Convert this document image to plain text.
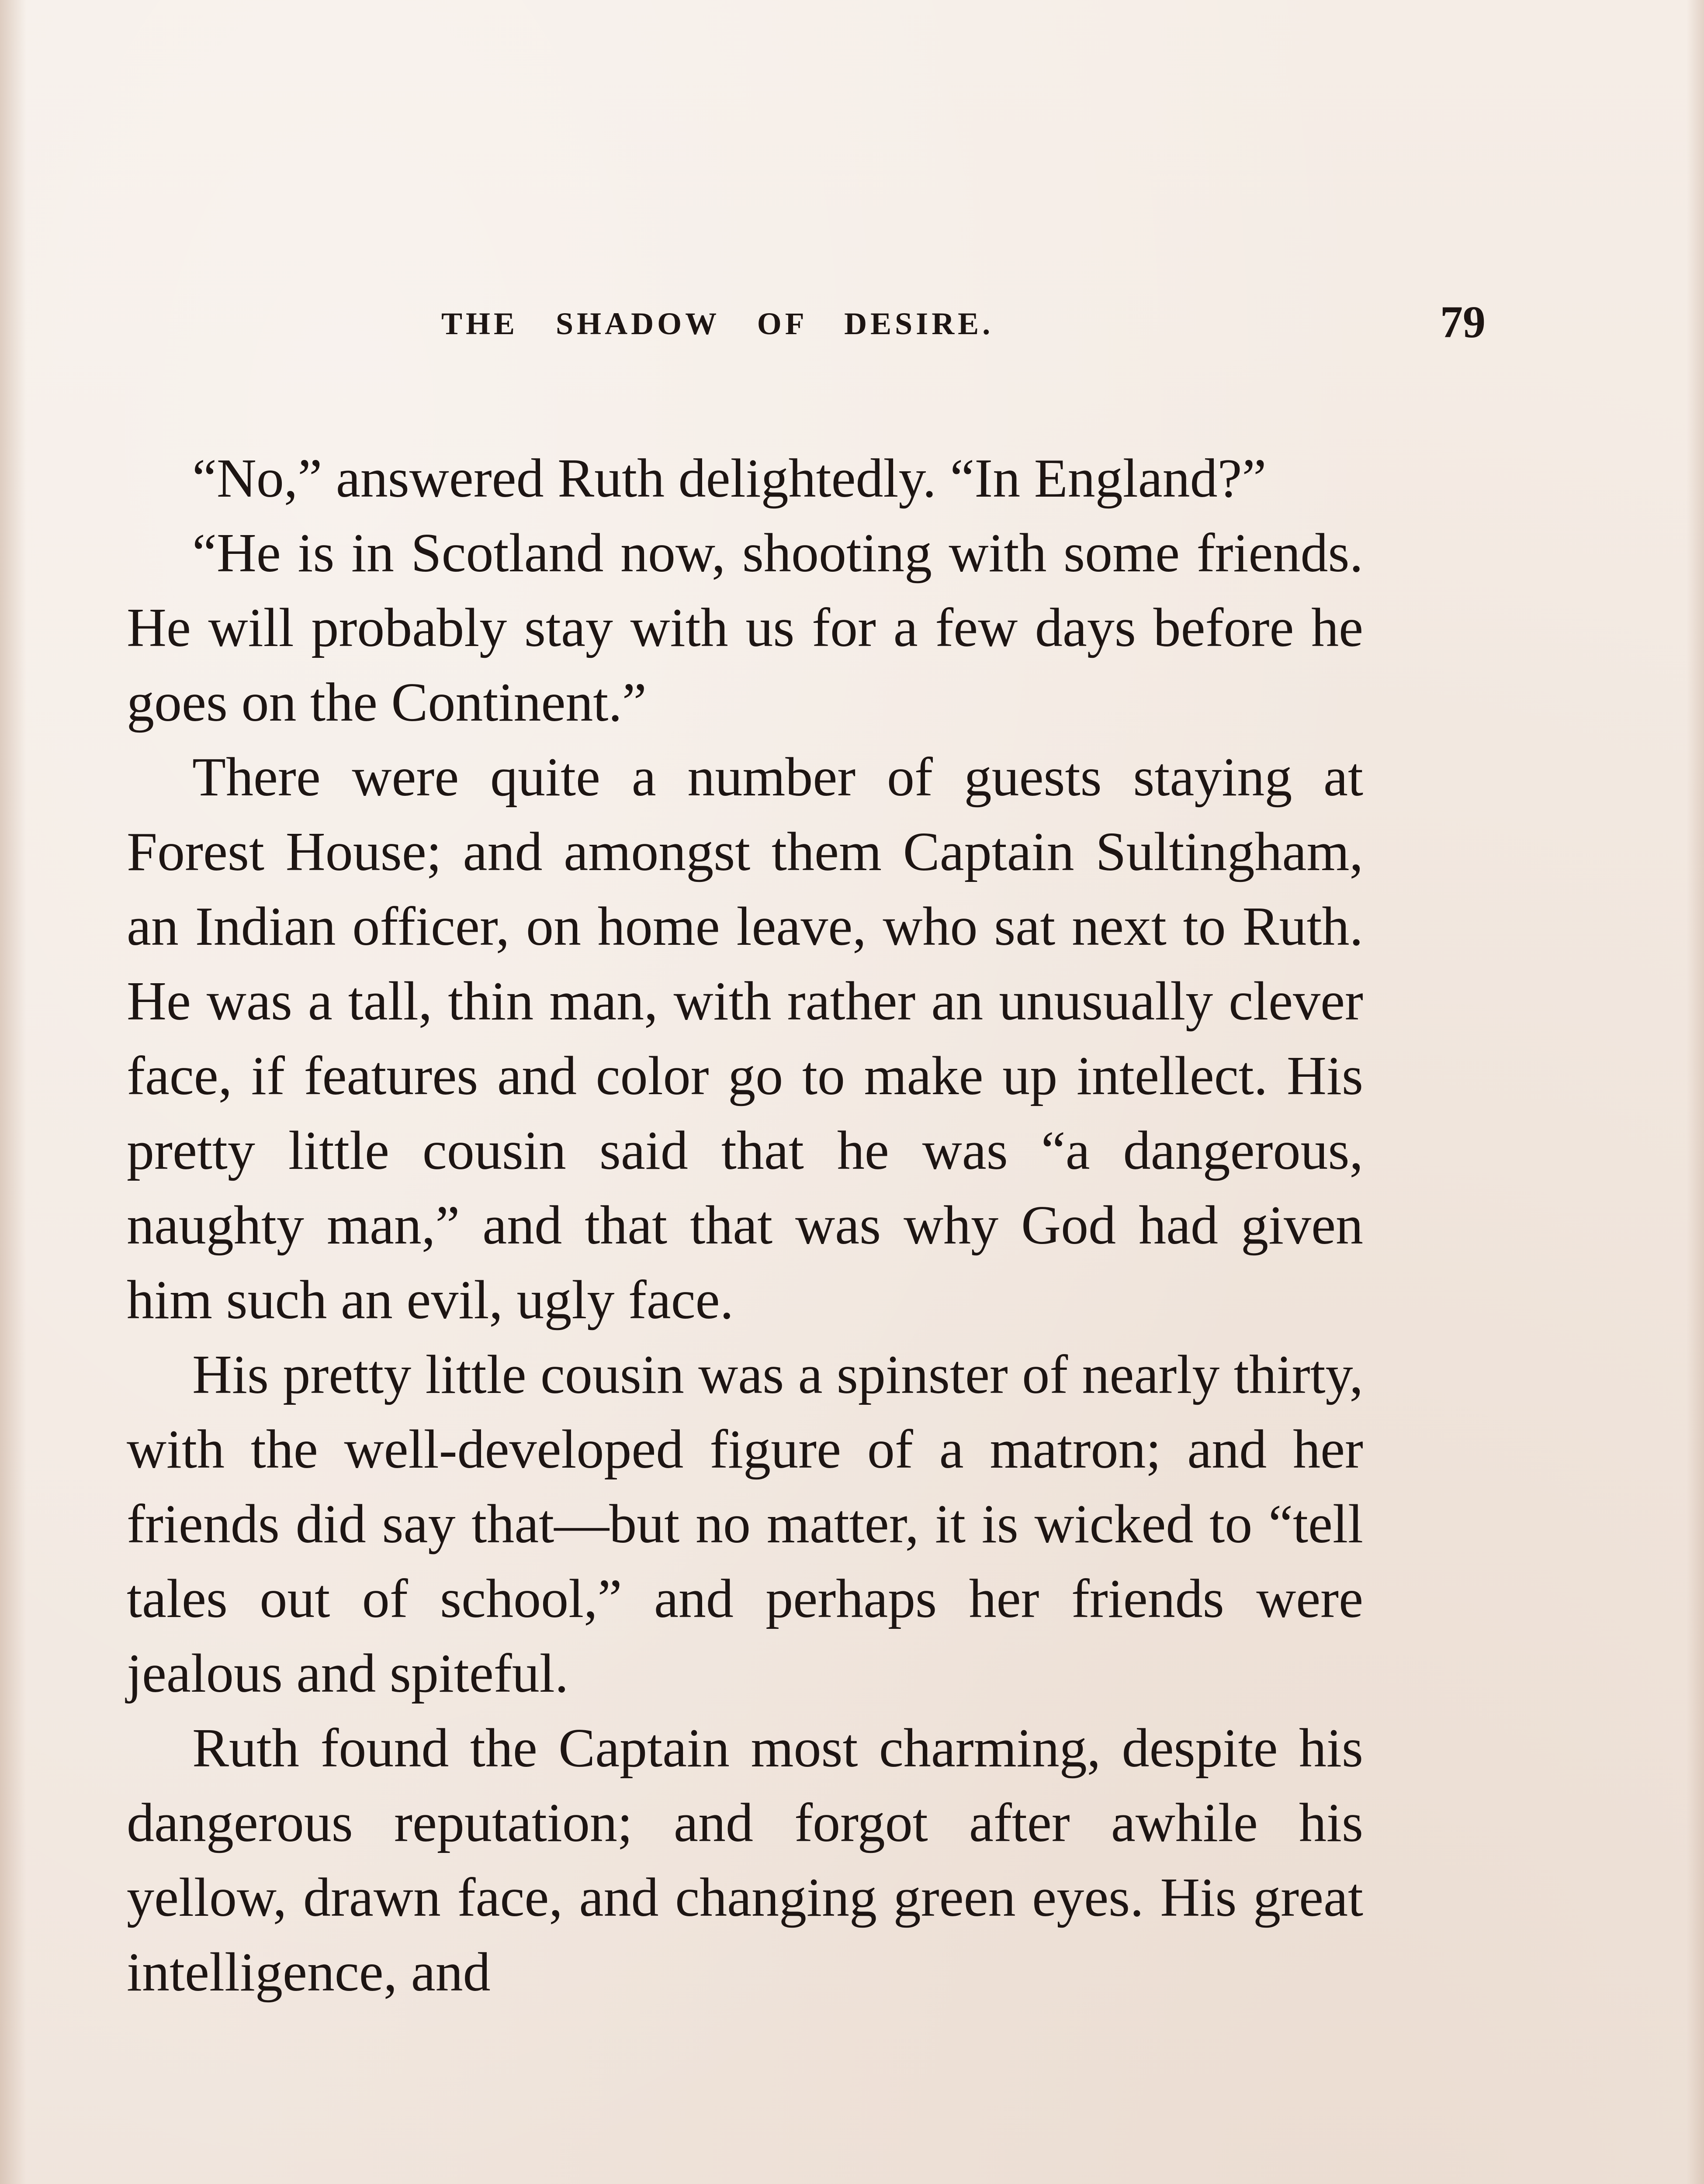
THE SHADOW OF DESIRE.	79

“No,” answered Ruth delightedly. “In England?”

“He is in Scotland now, shooting with some friends. He will probably stay with us for a few days before he goes on the Continent.”

There were quite a number of guests staying at Forest House; and amongst them Captain Sultingham, an Indian officer, on home leave, who sat next to Ruth. He was a tall, thin man, with rather an unusually clever face, if features and color go to make up intellect. His pretty little cousin said that he was “a dangerous, naughty man,” and that that was why God had given him such an evil, ugly face.

His pretty little cousin was a spinster of nearly thirty, with the well-developed figure of a matron; and her friends did say that—but no matter, it is wicked to “tell tales out of school,” and perhaps her friends were jealous and spiteful.

Ruth found the Captain most charming, despite his dangerous reputation; and forgot after awhile his yellow, drawn face, and changing green eyes. His great intelligence, and
